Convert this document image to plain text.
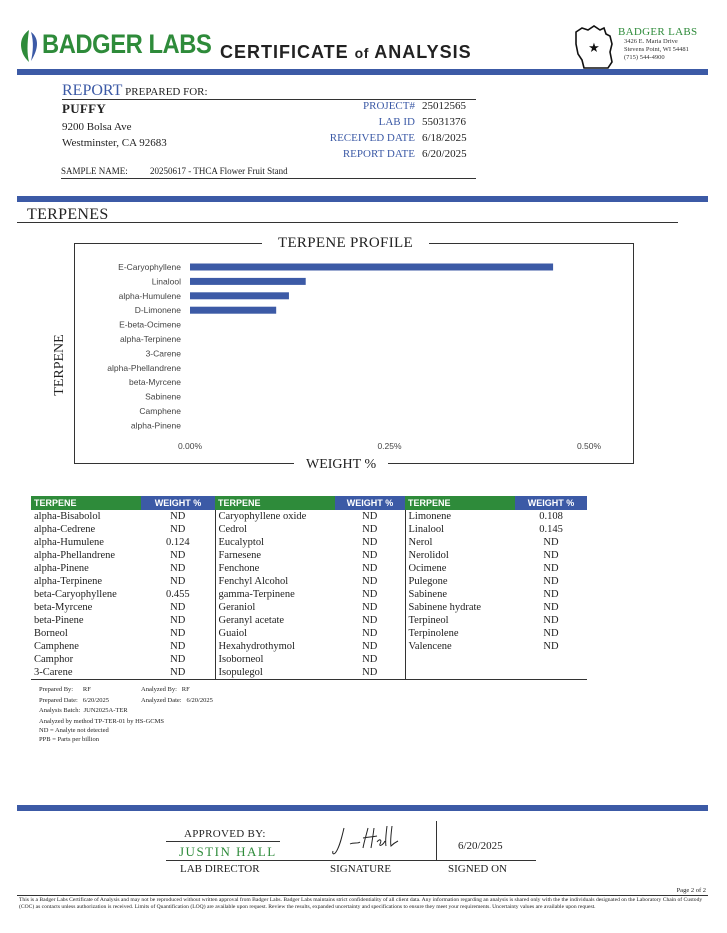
BADGER LABS CERTIFICATE of ANALYSIS	★
BADGER LABS
3426 E. Maria Drive
Stevens Point, WI 54481
(715) 544-4900
REPORT PREPARED FOR:
PUFFY
9200 Bolsa Ave
Westminster, CA 92683
PROJECT# 25012565
LAB ID 55031376
RECEIVED DATE 6/18/2025
REPORT DATE 6/20/2025
SAMPLE NAME: 20250617 - THCA Flower Fruit Stand
TERPENES
E-Caryophyllene
Linalool
alpha-Humulene
D-Limonene
E-beta-Ocimene
alpha-Terpinene
3-Carene
alpha-Phellandrene
beta-Myrcene
Sabinene
Camphene
alpha-Pinene
0.00%	0.25%	0.50%
TERPENE PROFILE
WEIGHT %
TERPENE
TERPENE	WEIGHT %	TERPENE	WEIGHT %	TERPENE	WEIGHT %
alpha-Bisabolol	ND	Caryophyllene oxide	ND	Limonene	0.108
alpha-Cedrene	ND	Cedrol	ND	Linalool	0.145
alpha-Humulene	0.124	Eucalyptol	ND	Nerol	ND
alpha-Phellandrene	ND	Farnesene	ND	Nerolidol	ND
alpha-Pinene	ND	Fenchone	ND	Ocimene	ND
alpha-Terpinene	ND	Fenchyl Alcohol	ND	Pulegone	ND
beta-Caryophyllene	0.455	gamma-Terpinene	ND	Sabinene	ND
beta-Myrcene	ND	Geraniol	ND	Sabinene hydrate	ND
beta-Pinene	ND	Geranyl acetate	ND	Terpineol	ND
Borneol	ND	Guaiol	ND	Terpinolene	ND
Camphene	ND	Hexahydrothymol	ND	Valencene	ND
Camphor	ND	Isoborneol	ND		
3-Carene	ND	Isopulegol	ND		
Prepared By: RF	Analyzed By: RF
Prepared Date: 6/20/2025	Analyzed Date: 6/20/2025
Analysis Batch: JUN2025A-TER
Analyzed by method TP-TER-01 by HS-GCMS
ND = Analyte not detected
PPB = Parts per billion
APPROVED BY:
JUSTIN HALL
LAB DIRECTOR	SIGNATURE
6/20/2025
SIGNED ON
Page 2 of 2
This is a Badger Labs Certificate of Analysis and may not be reproduced without written approval from Badger Labs. Badger Labs maintains strict confidentiality of all client data. Any information regarding an analysis is shared only with the the individuals designated on the Laboratory Chain of Custody (COC) as contacts unless authorization is received. Limits of Quantification (LOQ) are available upon request. Review the results, expanded uncertainty and specifications to ensure they meet your requirements. Uncertainty values are available upon request.
